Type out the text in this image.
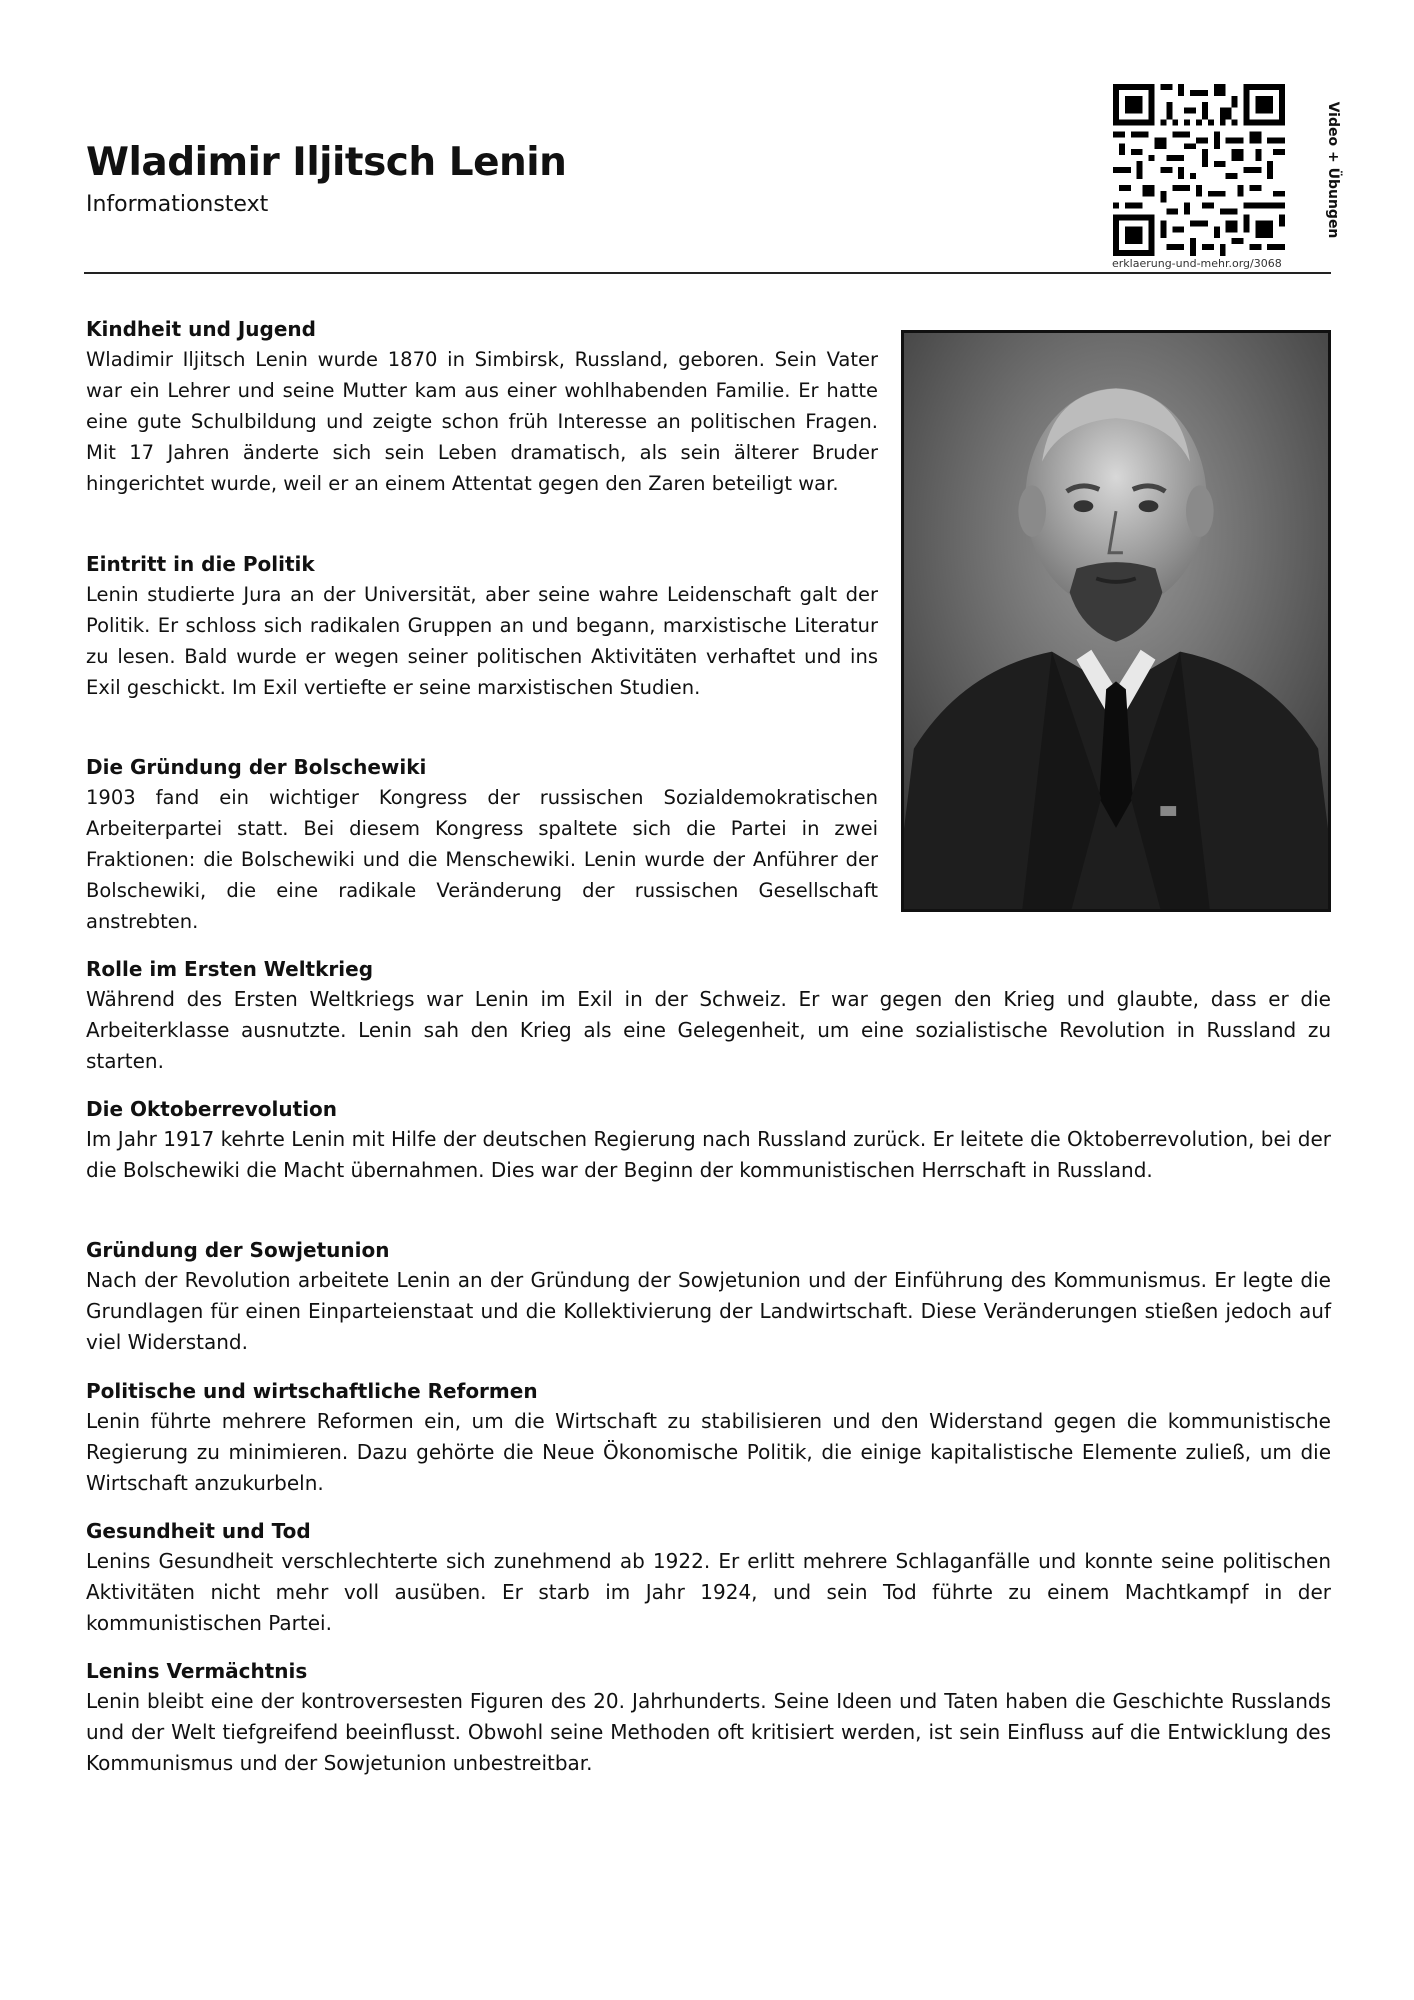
Wladimir Iljitsch Lenin
Informationstext
erklaerung-und-mehr.org/3068
Video + Übungen
Kindheit und Jugend

Wladimir Iljitsch Lenin wurde 1870 in Simbirsk, Russland, geboren. Sein Vater war ein Lehrer und seine Mutter kam aus einer wohlhabenden Familie. Er hatte eine gute Schulbildung und zeigte schon früh Interesse an politischen Fragen. Mit 17 Jahren änderte sich sein Leben dramatisch, als sein älterer Bruder hingerichtet wurde, weil er an einem Attentat gegen den Zaren beteiligt war.

Eintritt in die Politik

Lenin studierte Jura an der Universität, aber seine wahre Leidenschaft galt der Politik. Er schloss sich radikalen Gruppen an und begann, marxistische Literatur zu lesen. Bald wurde er wegen seiner politischen Aktivitäten verhaftet und ins Exil geschickt. Im Exil vertiefte er seine marxistischen Studien.

Die Gründung der Bolschewiki

1903 fand ein wichtiger Kongress der russischen Sozialdemokratischen Arbeiterpartei statt. Bei diesem Kongress spaltete sich die Partei in zwei Fraktionen: die Bolschewiki und die Menschewiki. Lenin wurde der Anführer der Bolschewiki, die eine radikale Veränderung der russischen Gesellschaft anstrebten.

Rolle im Ersten Weltkrieg

Während des Ersten Weltkriegs war Lenin im Exil in der Schweiz. Er war gegen den Krieg und glaubte, dass er die Arbeiterklasse ausnutzte. Lenin sah den Krieg als eine Gelegenheit, um eine sozialistische Revolution in Russland zu starten.

Die Oktoberrevolution

Im Jahr 1917 kehrte Lenin mit Hilfe der deutschen Regierung nach Russland zurück. Er leitete die Oktoberrevolution, bei der die Bolschewiki die Macht übernahmen. Dies war der Beginn der kommunistischen Herrschaft in Russland.

Gründung der Sowjetunion

Nach der Revolution arbeitete Lenin an der Gründung der Sowjetunion und der Einführung des Kommunismus. Er legte die Grundlagen für einen Einparteienstaat und die Kollektivierung der Landwirtschaft. Diese Veränderungen stießen jedoch auf viel Widerstand.

Politische und wirtschaftliche Reformen

Lenin führte mehrere Reformen ein, um die Wirtschaft zu stabilisieren und den Widerstand gegen die kommunistische Regierung zu minimieren. Dazu gehörte die Neue Ökonomische Politik, die einige kapitalistische Elemente zuließ, um die Wirtschaft anzukurbeln.

Gesundheit und Tod

Lenins Gesundheit verschlechterte sich zunehmend ab 1922. Er erlitt mehrere Schlaganfälle und konnte seine politischen Aktivitäten nicht mehr voll ausüben. Er starb im Jahr 1924, und sein Tod führte zu einem Machtkampf in der kommunistischen Partei.

Lenins Vermächtnis

Lenin bleibt eine der kontroversesten Figuren des 20. Jahrhunderts. Seine Ideen und Taten haben die Geschichte Russlands und der Welt tiefgreifend beeinflusst. Obwohl seine Methoden oft kritisiert werden, ist sein Einfluss auf die Entwicklung des Kommunismus und der Sowjetunion unbestreitbar.
